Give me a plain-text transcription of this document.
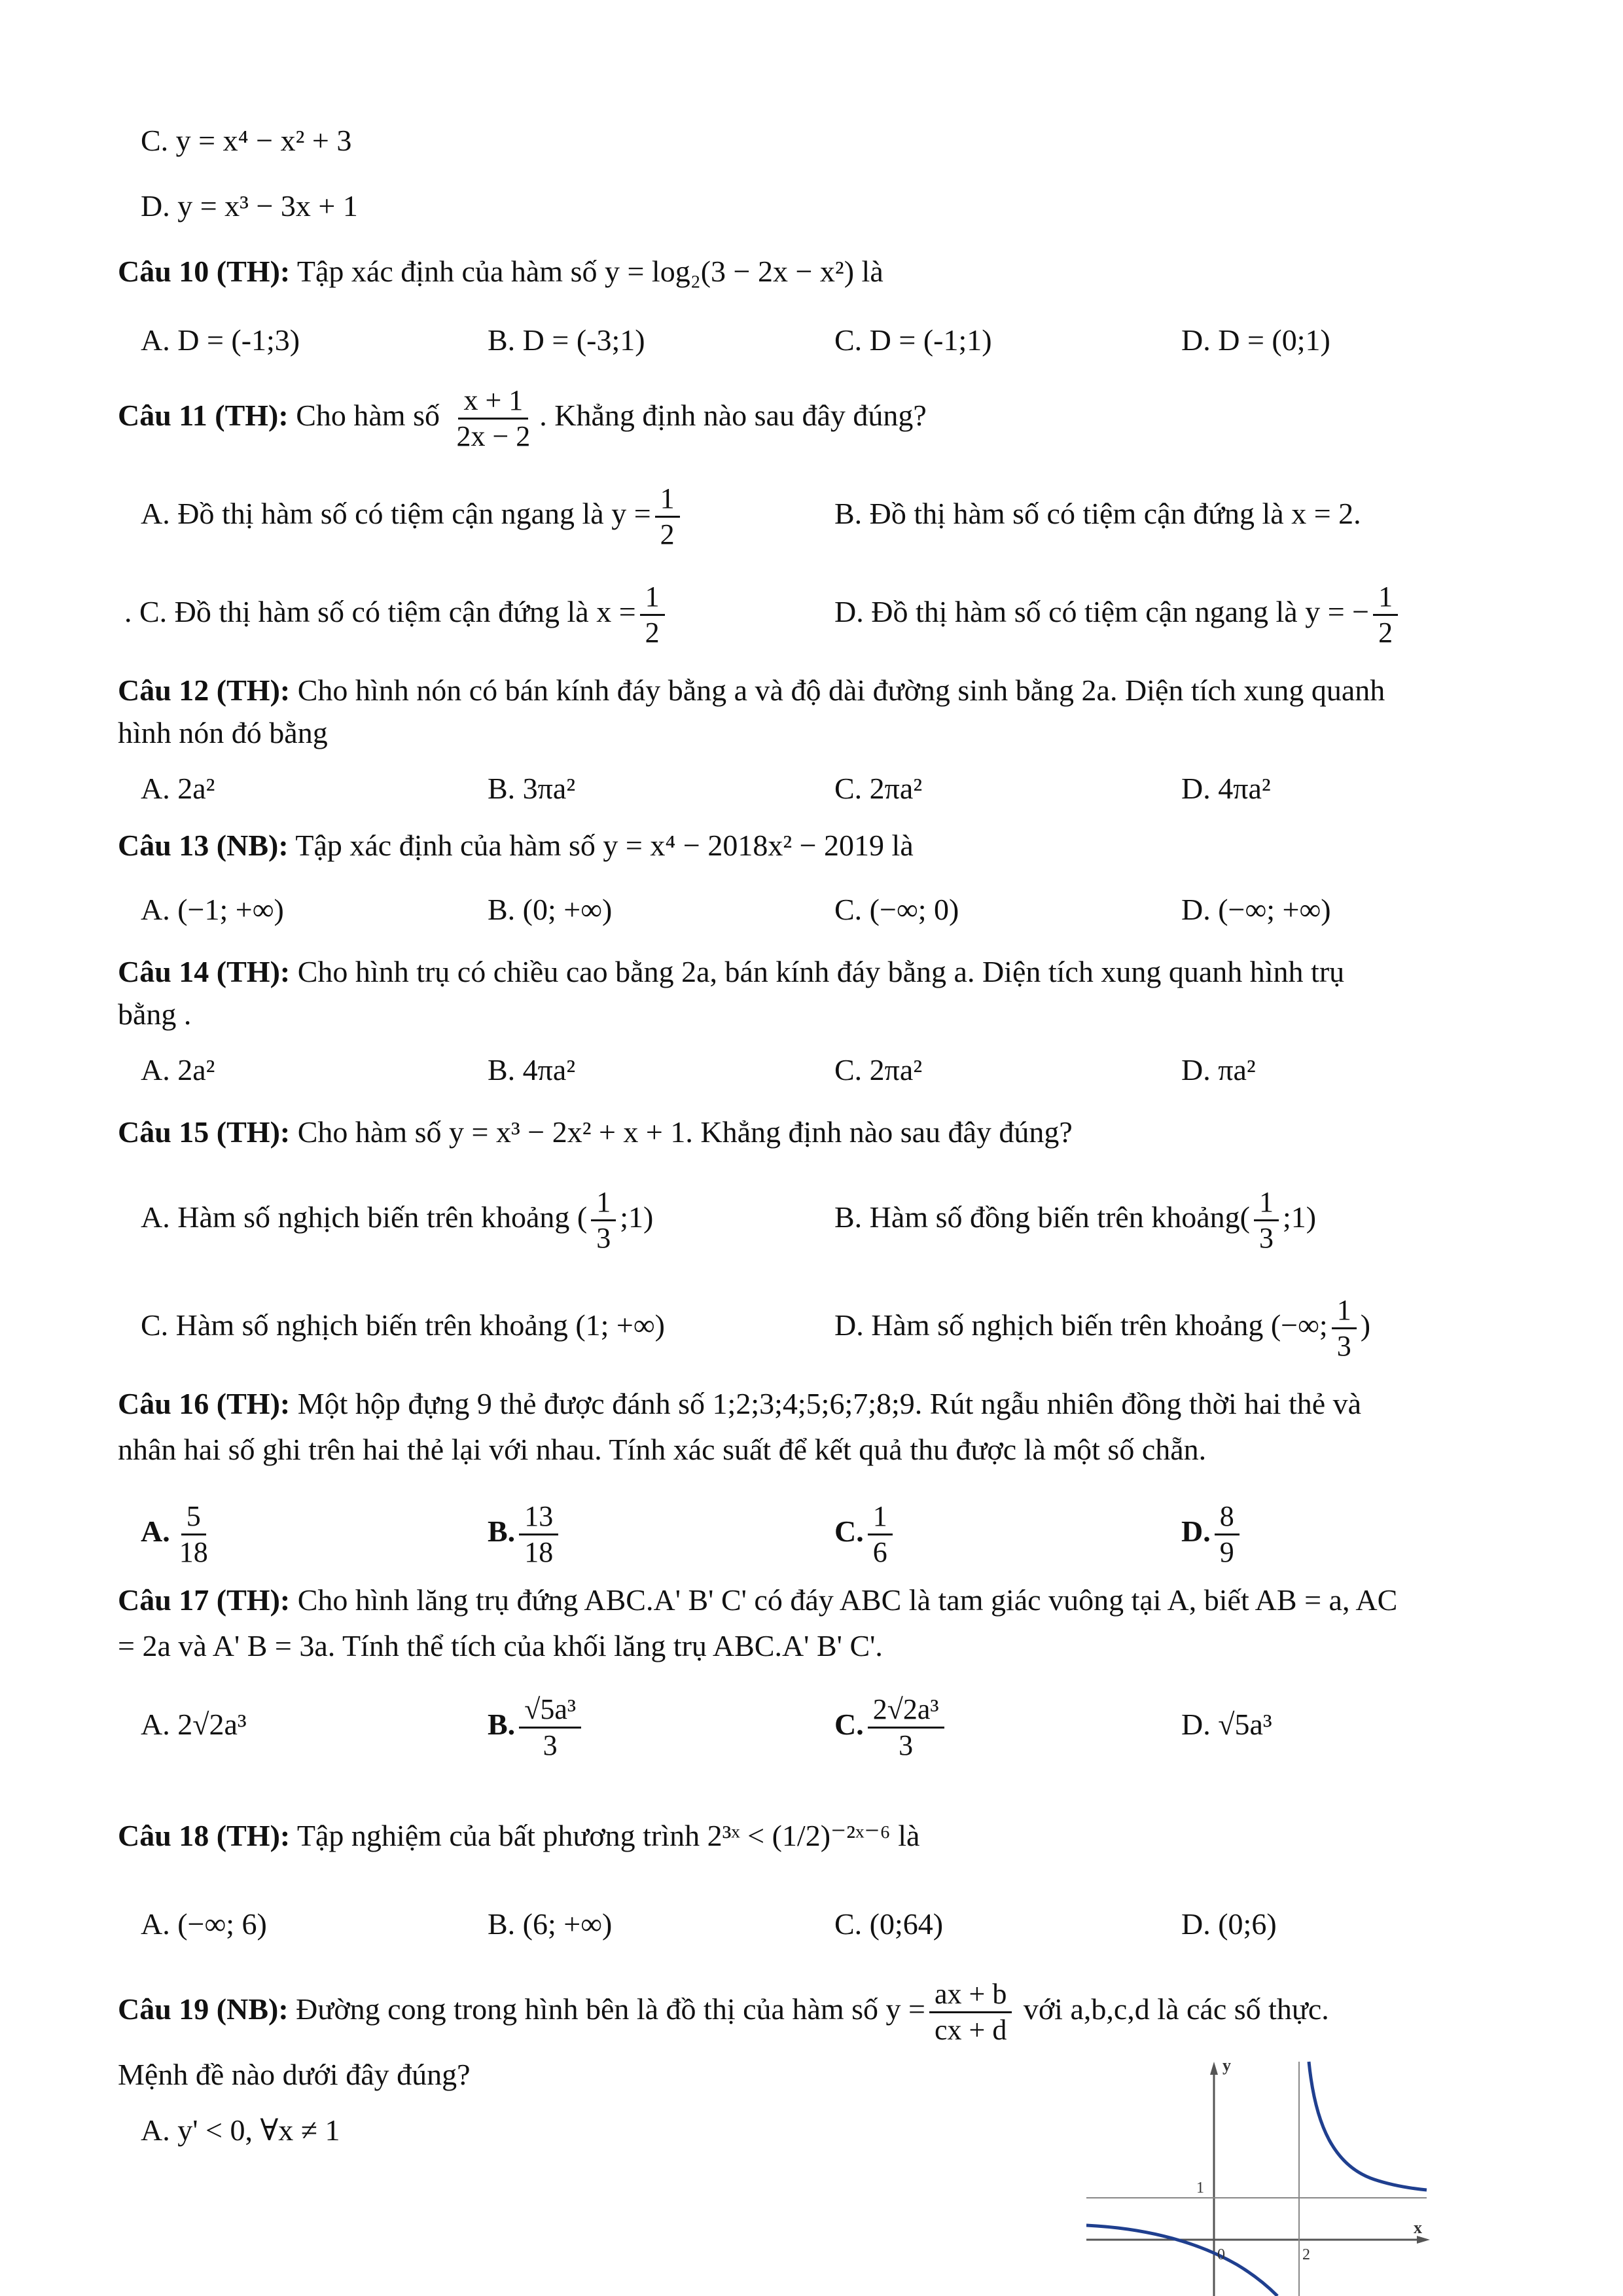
C. y = x⁴ − x² + 3
D. y = x³ − 3x + 1
Câu 10 (TH): Tập xác định của hàm số y = log₂(3 − 2x − x²) là
A. D = (-1;3)	B. D = (-3;1)	C. D = (-1;1)	D. D = (0;1)
Câu 11 (TH): Cho hàm số $\frac{x + 1}{2x - 2}$ . Khẳng định nào sau đây đúng?
A. Đồ thị hàm số có tiệm cận ngang là $y = \frac{1}{2}$	B. Đồ thị hàm số có tiệm cận đứng là x = 2.
. C. Đồ thị hàm số có tiệm cận đứng là $x = \frac{1}{2}$	D. Đồ thị hàm số có tiệm cận ngang là y = − $\frac{1}{2}$
Câu 12 (TH): Cho hình nón có bán kính đáy bằng a và độ dài đường sinh bằng 2a. Diện tích xung quanh
hình nón đó bằng
A. 2a²	B. 3πa²	C. 2πa²	D. 4πa²
Câu 13 (NB): Tập xác định của hàm số y = x⁴ − 2018x² − 2019 là
A. (−1; +∞)	B. (0; +∞)	C. (−∞; 0)	D. (−∞; +∞)
Câu 14 (TH): Cho hình trụ có chiều cao bằng 2a, bán kính đáy bằng a. Diện tích xung quanh hình trụ
bằng .
A. 2a²	B. 4πa²	C. 2πa²	D. πa²
Câu 15 (TH): Cho hàm số y = x³ − 2x² + x + 1. Khẳng định nào sau đây đúng?
A. Hàm số nghịch biến trên khoảng ( $\frac{1}{3}$ ;1)	B. Hàm số đồng biến trên khoảng( $\frac{1}{3}$ ;1)
C. Hàm số nghịch biến trên khoảng (1; +∞)	D. Hàm số nghịch biến trên khoảng (−∞; $\frac{1}{3}$ )
Câu 16 (TH): Một hộp đựng 9 thẻ được đánh số 1;2;3;4;5;6;7;8;9. Rút ngẫu nhiên đồng thời hai thẻ và
nhân hai số ghi trên hai thẻ lại với nhau. Tính xác suất để kết quả thu được là một số chẵn.
A. $\frac{5}{18}$	B. $\frac{13}{18}$	C. $\frac{1}{6}$	D. $\frac{8}{9}$
Câu 17 (TH): Cho hình lăng trụ đứng ABC.A' B' C' có đáy ABC là tam giác vuông tại A, biết AB = a, AC
= 2a và A' B = 3a. Tính thể tích của khối lăng trụ ABC.A' B' C'.
A. 2√2a³	B. $\frac{\text{√5a³}}{3}$	C. $\frac{\text{2√2a³}}{3}$	D. √5a³
Câu 18 (TH): Tập nghiệm của bất phương trình 2³ˣ < (1/2)⁻²ˣ⁻⁶ là
A. (−∞; 6)	B. (6; +∞)	C. (0;64)	D. (0;6)
Câu 19 (NB): Đường cong trong hình bên là đồ thị của hàm số $y = \frac{ax + b}{cx + d}$ với a,b,c,d là các số thực.
Mệnh đề nào dưới đây đúng?
A. y' < 0, ∀x ≠ 1
y
x
1
0	2
